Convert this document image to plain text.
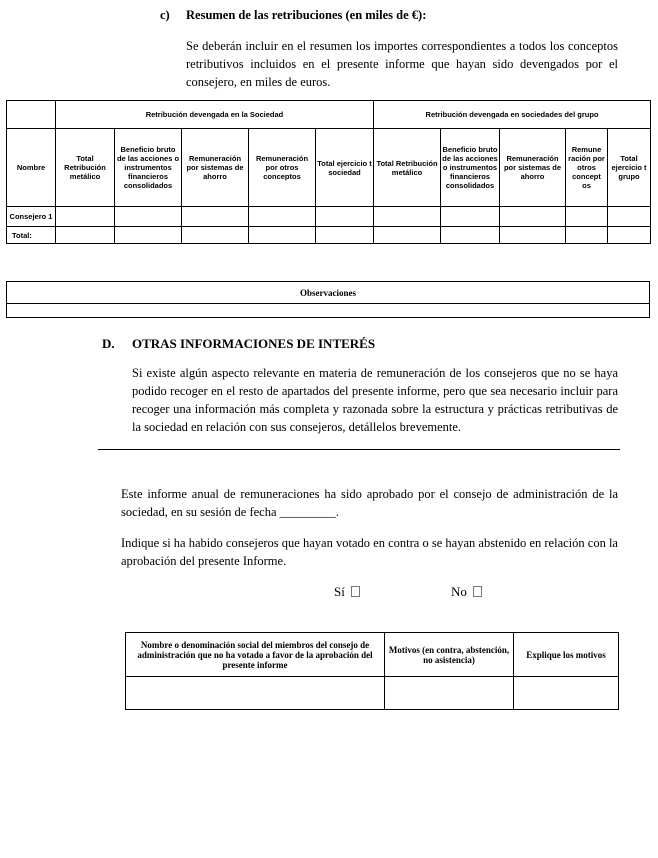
c) Resumen de las retribuciones (en miles de €):
Se deberán incluir en el resumen los importes correspondientes a todos los conceptos retributivos incluidos en el presente informe que hayan sido devengados por el consejero, en miles de euros.
	Retribución devengada en la Sociedad					Retribución devengada en sociedades del grupo				
Nombre	Total Retribución metálico	Beneficio bruto de las acciones o instrumentos financieros consolidados	Remuneración por sistemas de ahorro	Remuneración por otros conceptos	Total ejercicio t sociedad	Total Retribución metálico	Beneficio bruto de las acciones o instrumentos financieros consolidados	Remuneración por sistemas de ahorro	Remune ración por otros concept os	Total ejercicio t grupo
Consejero 1										
Total:										
Observaciones

D. OTRAS INFORMACIONES DE INTERÉS
Si existe algún aspecto relevante en materia de remuneración de los consejeros que no se haya podido recoger en el resto de apartados del presente informe, pero que sea necesario incluir para recoger una información más completa y razonada sobre la estructura y prácticas retributivas de la sociedad en relación con sus consejeros, detállelos brevemente.
Este informe anual de remuneraciones ha sido aprobado por el consejo de administración de la sociedad, en su sesión de fecha _________.
Indique si ha habido consejeros que hayan votado en contra o se hayan abstenido en relación con la aprobación del presente Informe.
Sí	No
Nombre o denominación social del miembros del consejo de administración que no ha votado a favor de la aprobación del presente informe	Motivos (en contra, abstención, no asistencia)	Explique los motivos
